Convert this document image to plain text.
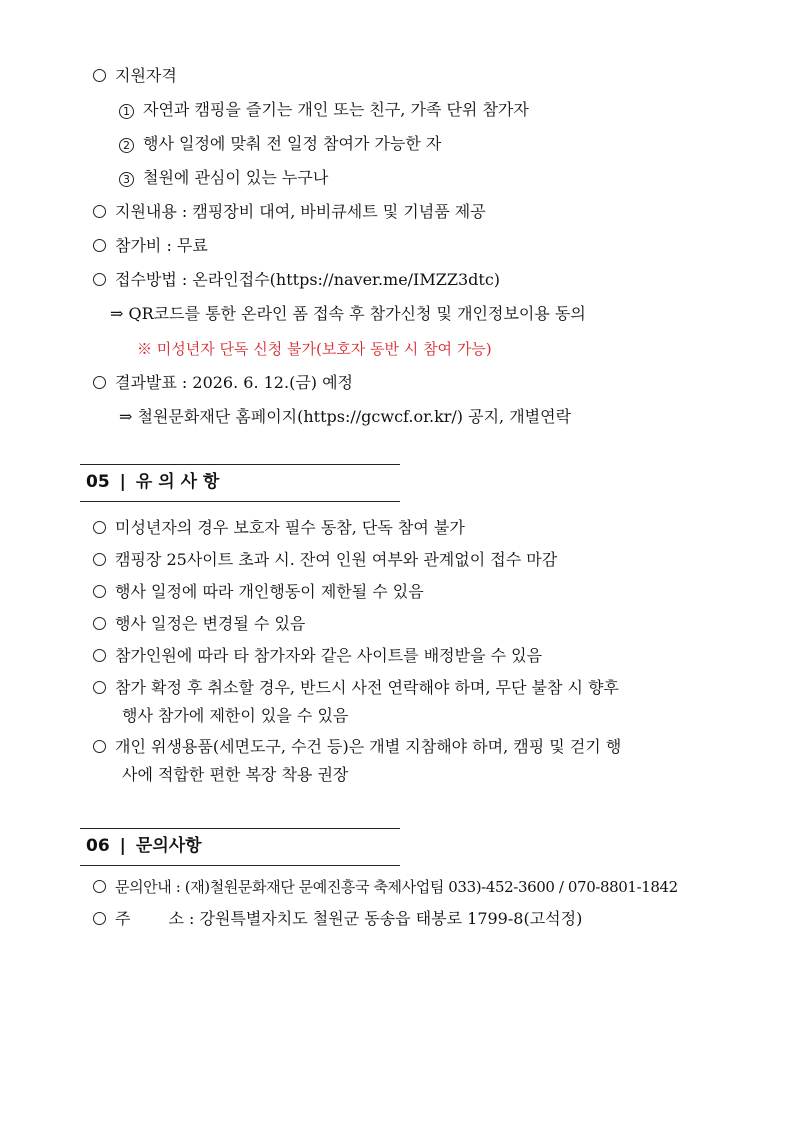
지원자격
1 자연과 캠핑을 즐기는 개인 또는 친구, 가족 단위 참가자
2 행사 일정에 맞춰 전 일정 참여가 가능한 자
3 철원에 관심이 있는 누구나
지원내용 : 캠핑장비 대여, 바비큐세트 및 기념품 제공
참가비 : 무료
접수방법 : 온라인접수(https://naver.me/IMZZ3dtc)
⇒ QR코드를 통한 온라인 폼 접속 후 참가신청 및 개인정보이용 동의
※ 미성년자 단독 신청 불가(보호자 동반 시 참여 가능)
결과발표 : 2026. 6. 12.(금) 예정
⇒ 철원문화재단 홈페이지(https://gcwcf.or.kr/) 공지, 개별연락
05 | 유 의 사 항
미성년자의 경우 보호자 필수 동참, 단독 참여 불가
캠핑장 25사이트 초과 시. 잔여 인원 여부와 관계없이 접수 마감
행사 일정에 따라 개인행동이 제한될 수 있음
행사 일정은 변경될 수 있음
참가인원에 따라 타 참가자와 같은 사이트를 배정받을 수 있음
참가 확정 후 취소할 경우, 반드시 사전 연락해야 하며, 무단 불참 시 향후
행사 참가에 제한이 있을 수 있음
개인 위생용품(세면도구, 수건 등)은 개별 지참해야 하며, 캠핑 및 걷기 행
사에 적합한 편한 복장 착용 권장
06 | 문의사항
문의안내 : (재)철원문화재단 문예진흥국 축제사업팀 033)-452-3600 / 070-8801-1842
주 소 : 강원특별자치도 철원군 동송읍 태봉로 1799-8(고석정)
